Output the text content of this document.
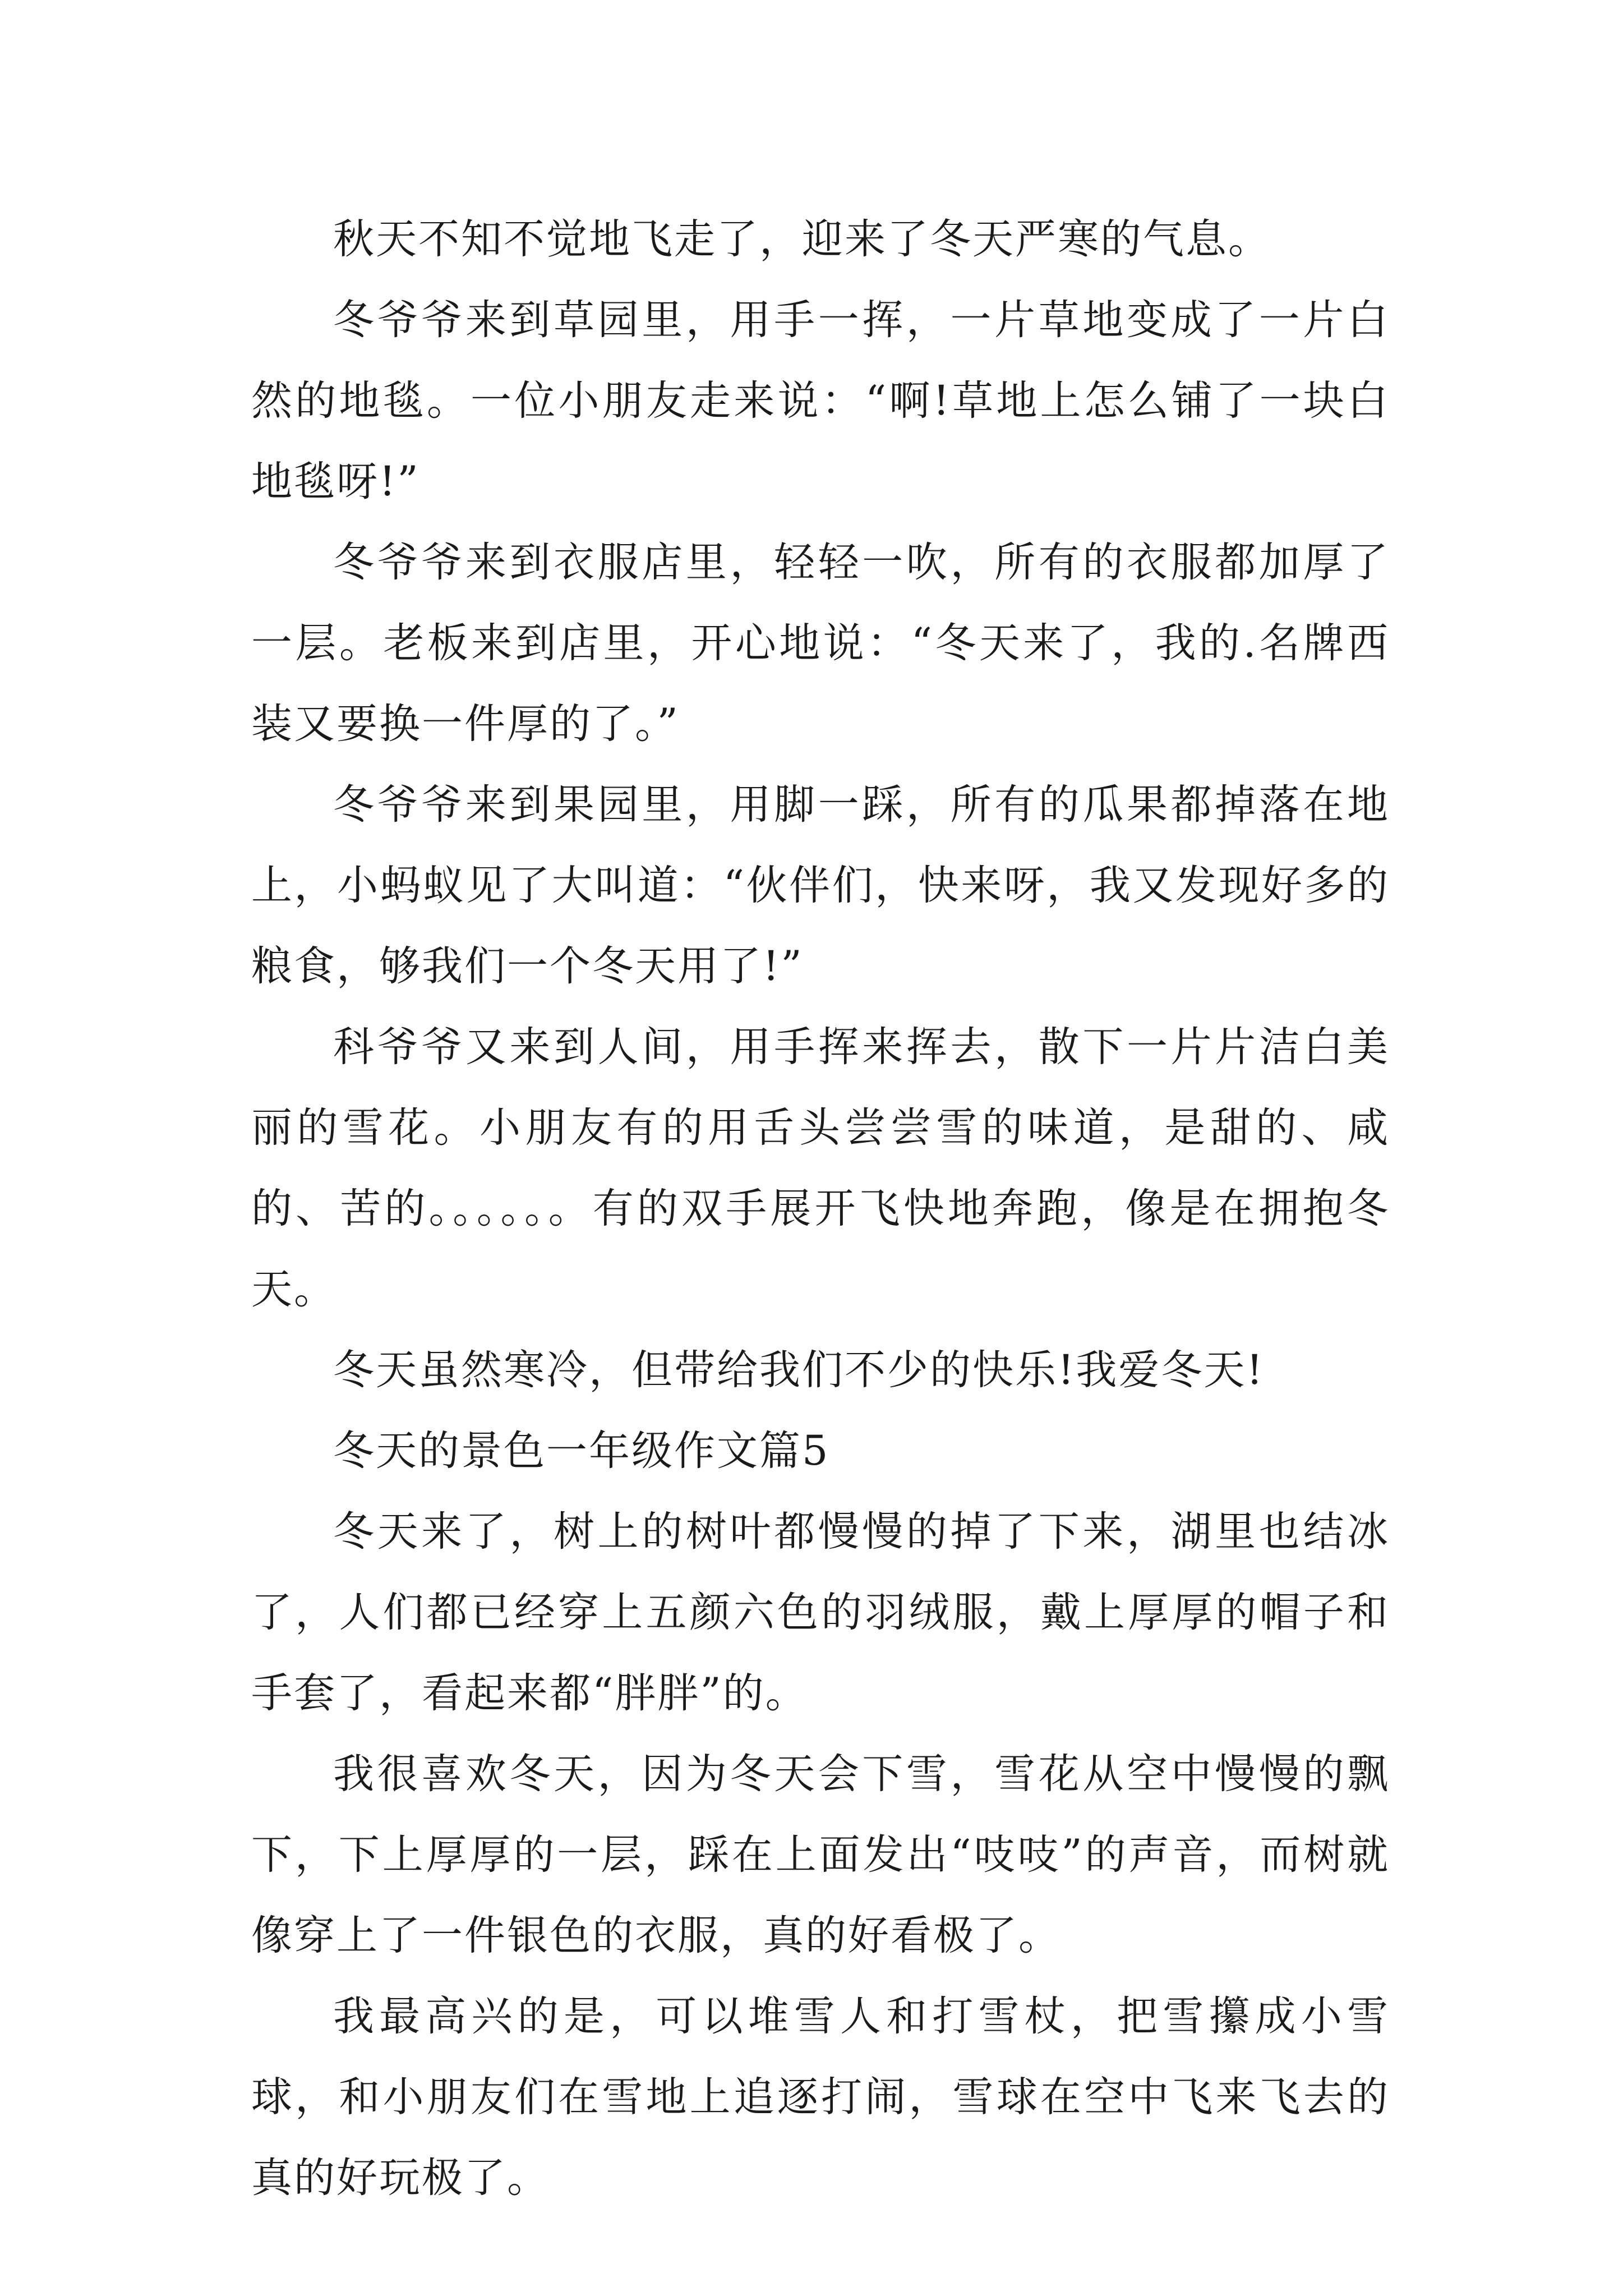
秋天不知不觉地飞走了，迎来了冬天严寒的气息。

冬爷爷来到草园里，用手一挥，一片草地变成了一片白然的地毯。一位小朋友走来说：“啊!草地上怎么铺了一块白地毯呀!”

冬爷爷来到衣服店里，轻轻一吹，所有的衣服都加厚了一层。老板来到店里，开心地说：“冬天来了，我的.名牌西装又要换一件厚的了。”

冬爷爷来到果园里，用脚一踩，所有的瓜果都掉落在地上，小蚂蚁见了大叫道：“伙伴们，快来呀，我又发现好多的粮食，够我们一个冬天用了!”

科爷爷又来到人间，用手挥来挥去，散下一片片洁白美丽的雪花。小朋友有的用舌头尝尝雪的味道，是甜的、咸的、苦的。。。。。。有的双手展开飞快地奔跑，像是在拥抱冬天。

冬天虽然寒冷，但带给我们不少的快乐!我爱冬天!

冬天的景色一年级作文篇5

冬天来了，树上的树叶都慢慢的掉了下来，湖里也结冰了，人们都已经穿上五颜六色的羽绒服，戴上厚厚的帽子和手套了，看起来都“胖胖”的。

我很喜欢冬天，因为冬天会下雪，雪花从空中慢慢的飘下，下上厚厚的一层，踩在上面发出“吱吱”的声音，而树就像穿上了一件银色的衣服，真的好看极了。

我最高兴的是，可以堆雪人和打雪杖，把雪攥成小雪球，和小朋友们在雪地上追逐打闹，雪球在空中飞来飞去的真的好玩极了。
